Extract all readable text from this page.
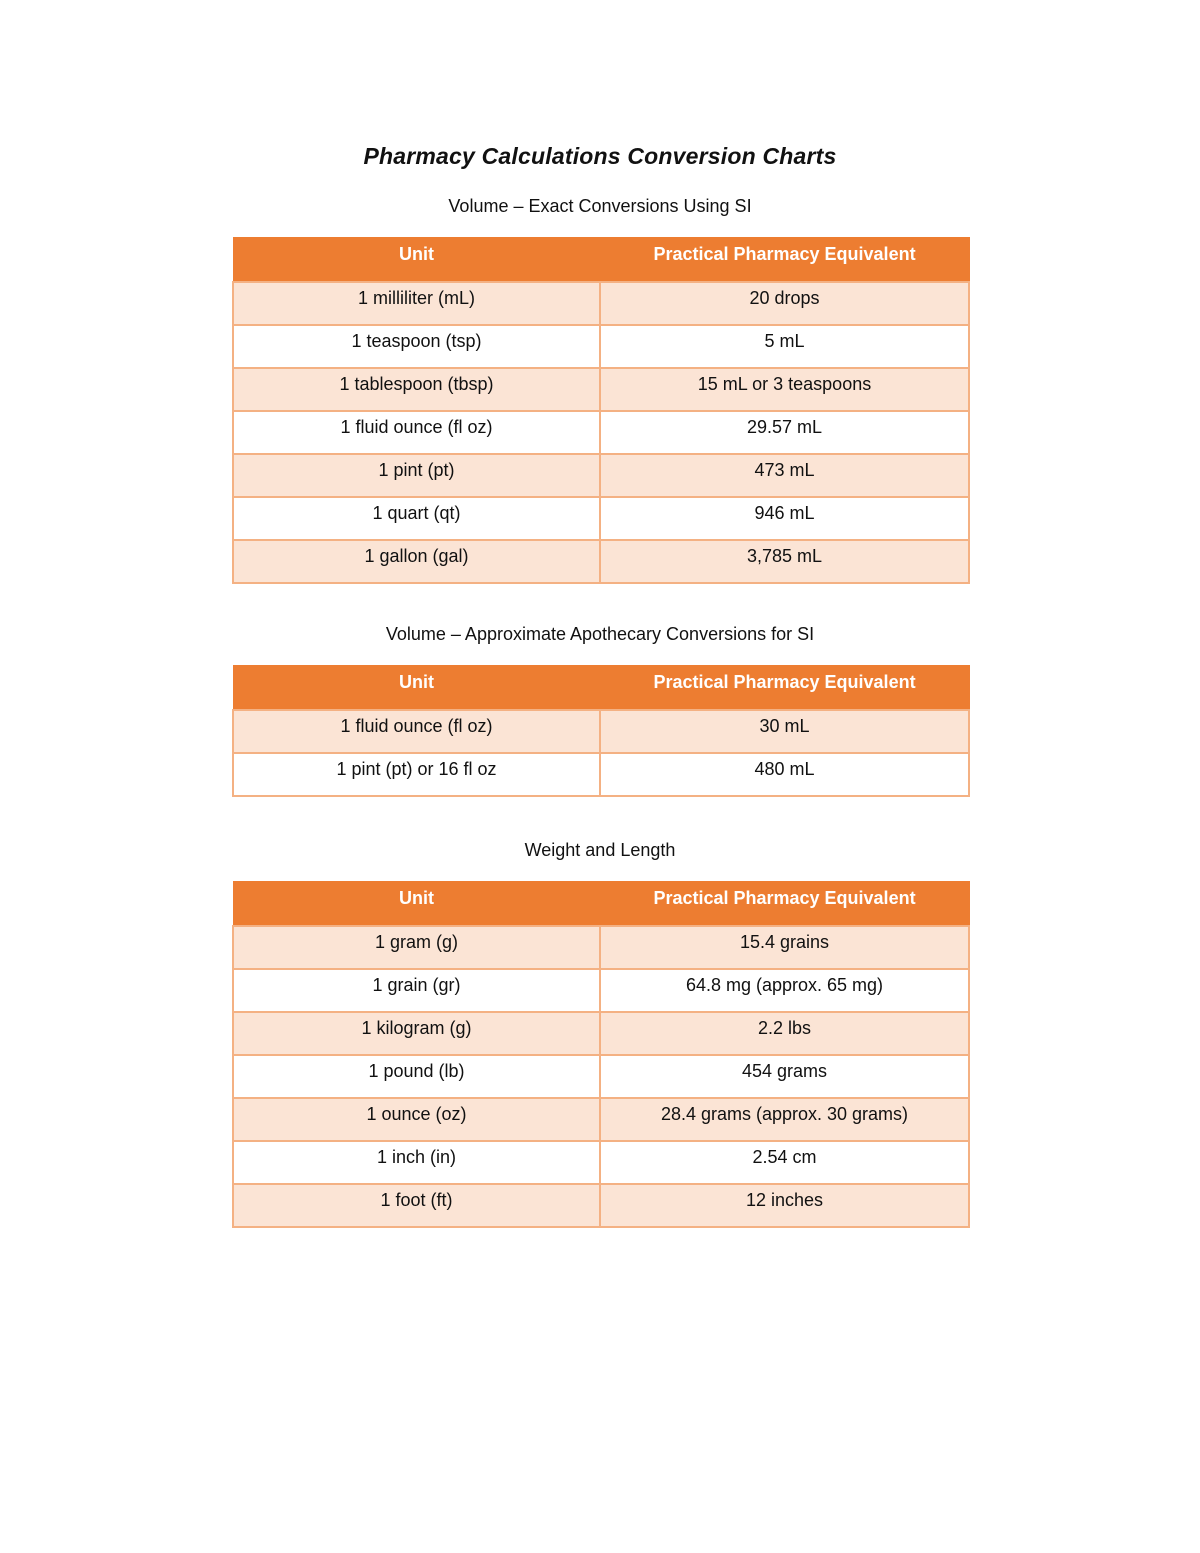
Pharmacy Calculations Conversion Charts
Volume – Exact Conversions Using SI
Unit	Practical Pharmacy Equivalent
1 milliliter (mL)	20 drops
1 teaspoon (tsp)	5 mL
1 tablespoon (tbsp)	15 mL or 3 teaspoons
1 fluid ounce (fl oz)	29.57 mL
1 pint (pt)	473 mL
1 quart (qt)	946 mL
1 gallon (gal)	3,785 mL
Volume – Approximate Apothecary Conversions for SI
Unit	Practical Pharmacy Equivalent
1 fluid ounce (fl oz)	30 mL
1 pint (pt) or 16 fl oz	480 mL
Weight and Length
Unit	Practical Pharmacy Equivalent
1 gram (g)	15.4 grains
1 grain (gr)	64.8 mg (approx. 65 mg)
1 kilogram (g)	2.2 lbs
1 pound (lb)	454 grams
1 ounce (oz)	28.4 grams (approx. 30 grams)
1 inch (in)	2.54 cm
1 foot (ft)	12 inches
